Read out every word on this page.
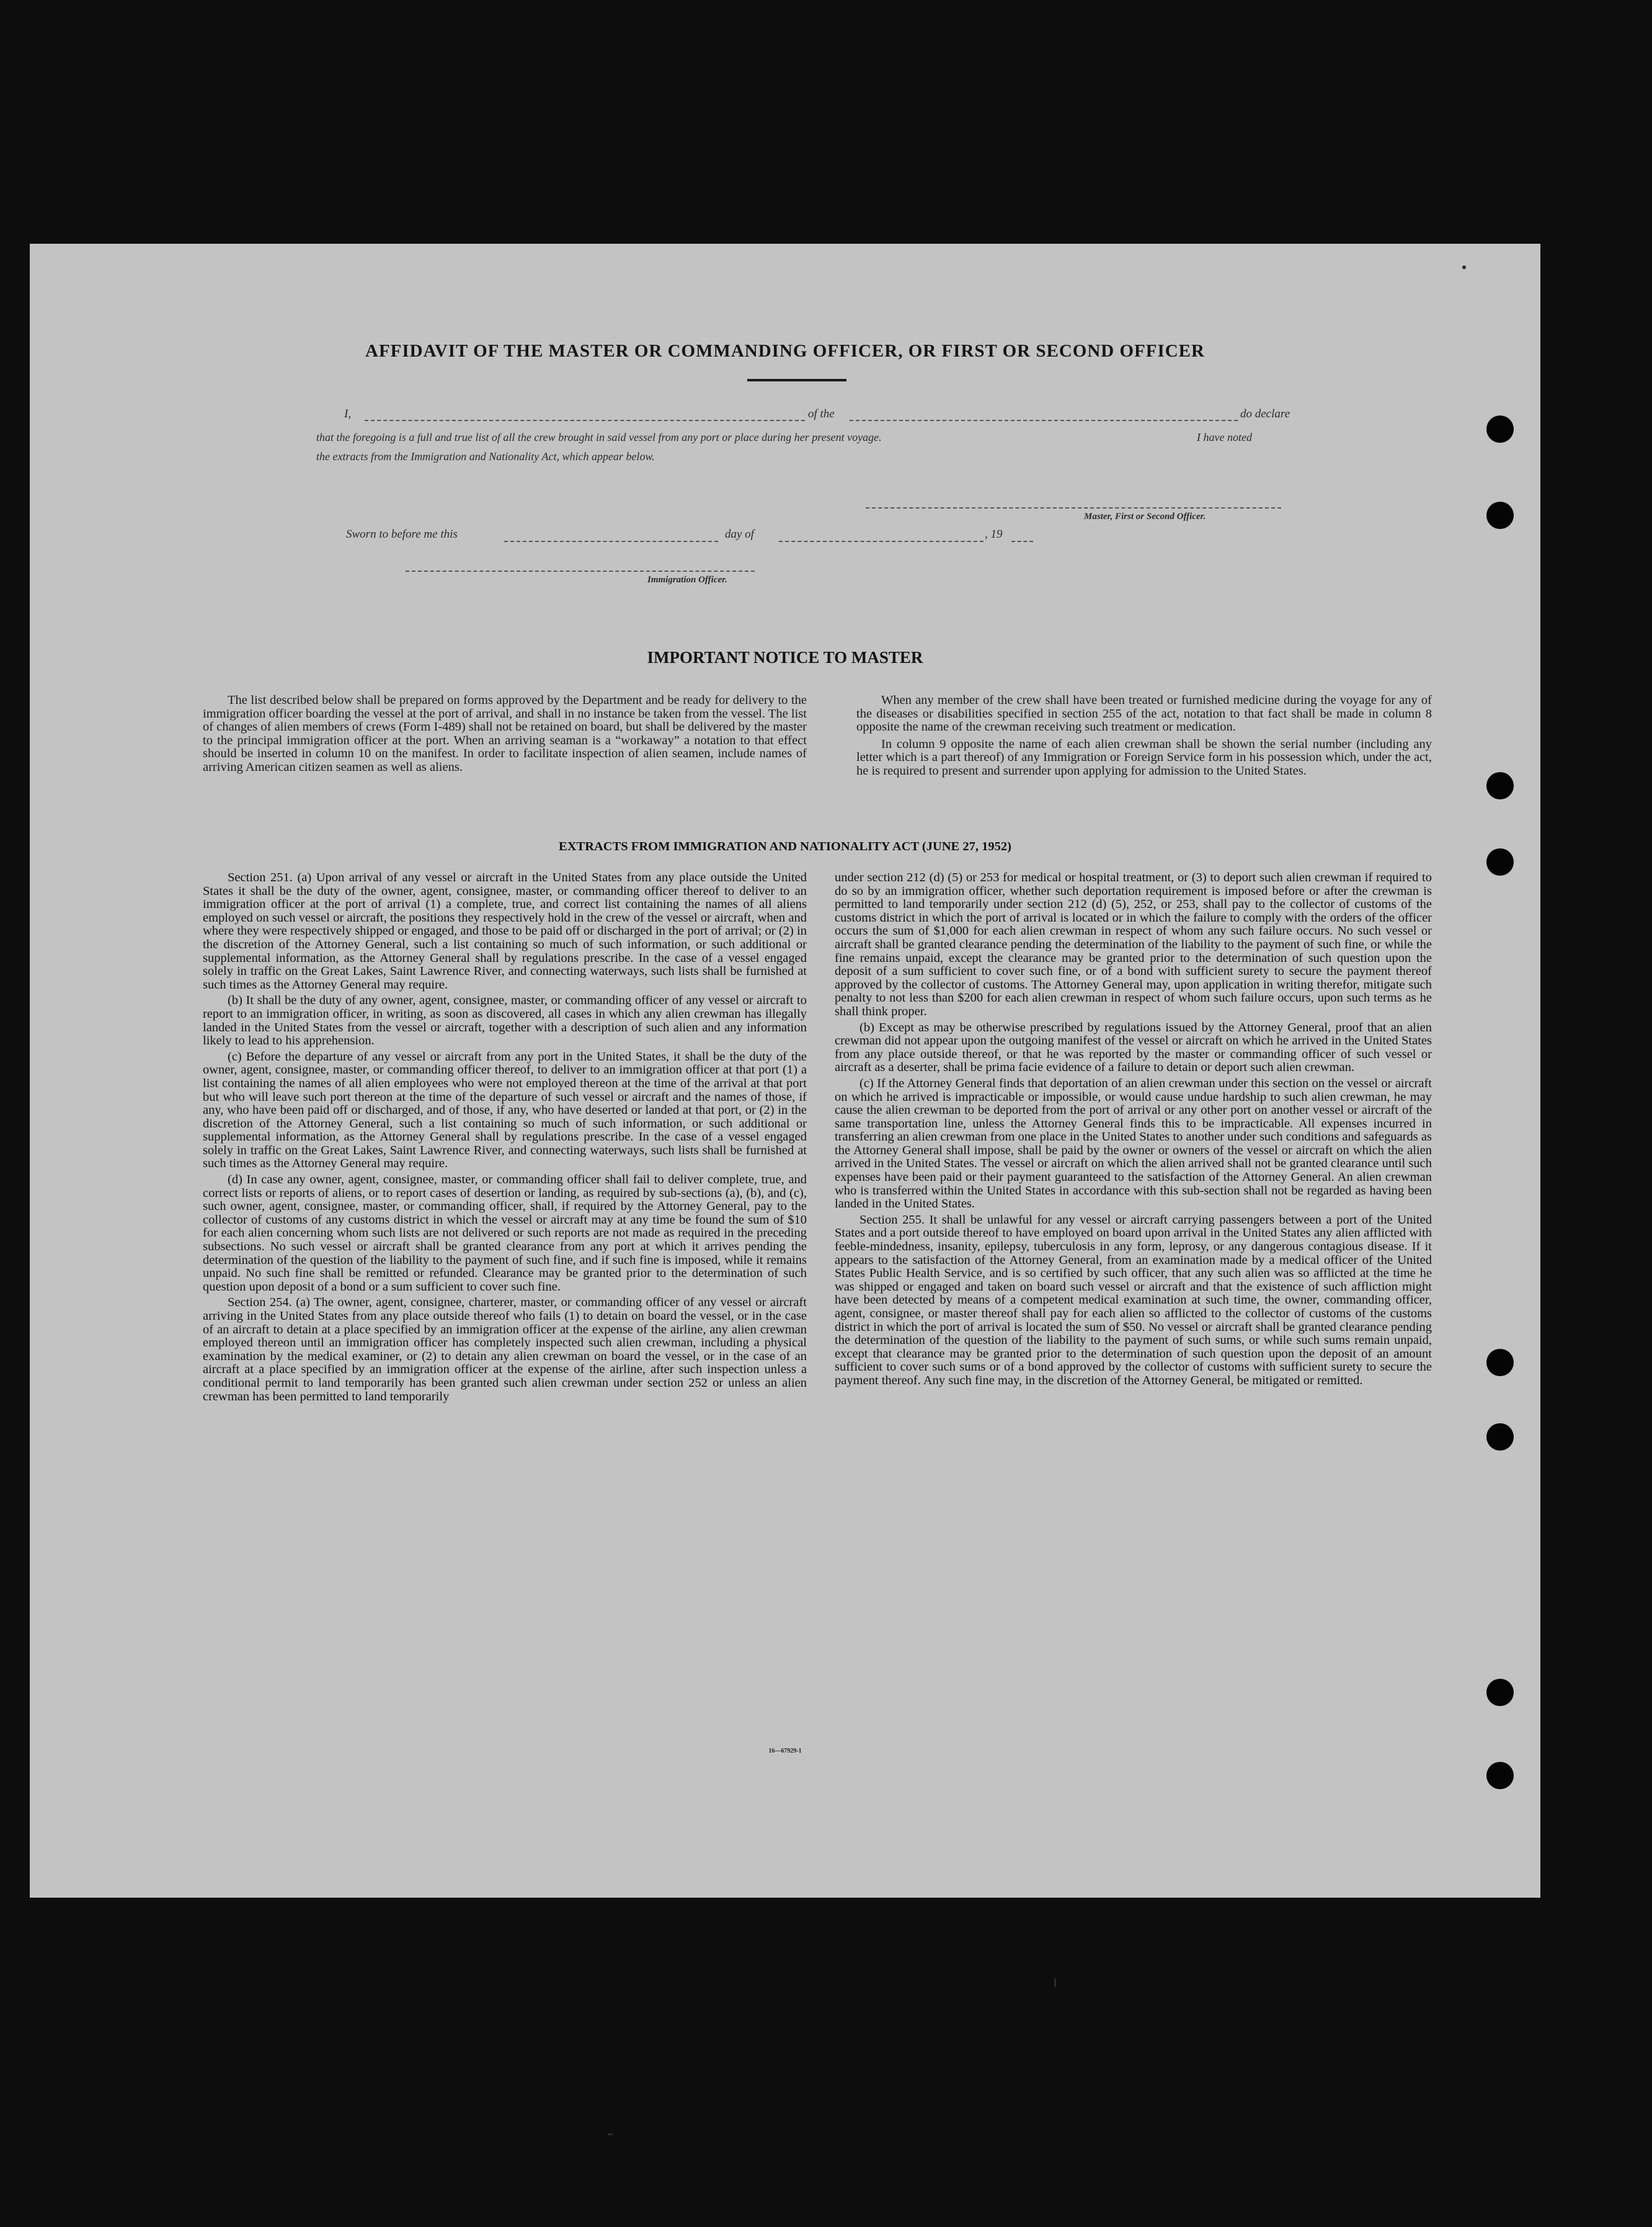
AFFIDAVIT OF THE MASTER OR COMMANDING OFFICER, OR FIRST OR SECOND OFFICER
I,	of the	do declare
that the foregoing is a full and true list of all the crew brought in said vessel from any port or place during her present voyage.	I have noted
the extracts from the Immigration and Nationality Act, which appear below.
Master, First or Second Officer.
Sworn to before me this	day of	, 19
Immigration Officer.
IMPORTANT NOTICE TO MASTER

The list described below shall be prepared on forms approved by the Department and be ready for delivery to the immigration officer boarding the vessel at the port of arrival, and shall in no instance be taken from the vessel. The list of changes of alien members of crews (Form I-489) shall not be retained on board, but shall be delivered by the master to the principal immigration officer at the port. When an arriving seaman is a “workaway” a notation to that effect should be inserted in column 10 on the manifest. In order to facilitate inspection of alien seamen, include names of arriving American citizen seamen as well as aliens.

When any member of the crew shall have been treated or furnished medicine during the voyage for any of the diseases or disabilities specified in section 255 of the act, notation to that fact shall be made in column 8 opposite the name of the crewman receiving such treatment or medication.

In column 9 opposite the name of each alien crewman shall be shown the serial number (including any letter which is a part thereof) of any Immigration or Foreign Service form in his possession which, under the act, he is required to present and surrender upon applying for admission to the United States.

EXTRACTS FROM IMMIGRATION AND NATIONALITY ACT (JUNE 27, 1952)

Section 251. (a) Upon arrival of any vessel or aircraft in the United States from any place outside the United States it shall be the duty of the owner, agent, consignee, master, or commanding officer thereof to deliver to an immigration officer at the port of arrival (1) a complete, true, and correct list containing the names of all aliens employed on such vessel or aircraft, the positions they respectively hold in the crew of the vessel or aircraft, when and where they were respectively shipped or engaged, and those to be paid off or discharged in the port of arrival; or (2) in the discretion of the Attorney General, such a list containing so much of such information, or such additional or supplemental information, as the Attorney General shall by regulations prescribe. In the case of a vessel engaged solely in traffic on the Great Lakes, Saint Lawrence River, and connecting waterways, such lists shall be furnished at such times as the Attorney General may require.

(b) It shall be the duty of any owner, agent, consignee, master, or commanding officer of any vessel or aircraft to report to an immigration officer, in writing, as soon as discovered, all cases in which any alien crewman has illegally landed in the United States from the vessel or aircraft, together with a description of such alien and any information likely to lead to his apprehension.

(c) Before the departure of any vessel or aircraft from any port in the United States, it shall be the duty of the owner, agent, consignee, master, or commanding officer thereof, to deliver to an immigration officer at that port (1) a list containing the names of all alien employees who were not employed thereon at the time of the arrival at that port but who will leave such port thereon at the time of the departure of such vessel or aircraft and the names of those, if any, who have been paid off or discharged, and of those, if any, who have deserted or landed at that port, or (2) in the discretion of the Attorney General, such a list containing so much of such information, or such additional or supplemental information, as the Attorney General shall by regulations prescribe. In the case of a vessel engaged solely in traffic on the Great Lakes, Saint Lawrence River, and connecting waterways, such lists shall be furnished at such times as the Attorney General may require.

(d) In case any owner, agent, consignee, master, or commanding officer shall fail to deliver complete, true, and correct lists or reports of aliens, or to report cases of desertion or landing, as required by sub-sections (a), (b), and (c), such owner, agent, consignee, master, or commanding officer, shall, if required by the Attorney General, pay to the collector of customs of any customs district in which the vessel or aircraft may at any time be found the sum of $10 for each alien concerning whom such lists are not delivered or such reports are not made as required in the preceding subsections. No such vessel or aircraft shall be granted clearance from any port at which it arrives pending the determination of the question of the liability to the payment of such fine, and if such fine is imposed, while it remains unpaid. No such fine shall be remitted or refunded. Clearance may be granted prior to the determination of such question upon deposit of a bond or a sum sufficient to cover such fine.

Section 254. (a) The owner, agent, consignee, charterer, master, or commanding officer of any vessel or aircraft arriving in the United States from any place outside thereof who fails (1) to detain on board the vessel, or in the case of an aircraft to detain at a place specified by an immigration officer at the expense of the airline, any alien crewman employed thereon until an immigration officer has completely inspected such alien crewman, including a physical examination by the medical examiner, or (2) to detain any alien crewman on board the vessel, or in the case of an aircraft at a place specified by an immigration officer at the expense of the airline, after such inspection unless a conditional permit to land temporarily has been granted such alien crewman under section 252 or unless an alien crewman has been permitted to land temporarily

under section 212 (d) (5) or 253 for medical or hospital treatment, or (3) to deport such alien crewman if required to do so by an immigration officer, whether such deportation requirement is imposed before or after the crewman is permitted to land temporarily under section 212 (d) (5), 252, or 253, shall pay to the collector of customs of the customs district in which the port of arrival is located or in which the failure to comply with the orders of the officer occurs the sum of $1,000 for each alien crewman in respect of whom any such failure occurs. No such vessel or aircraft shall be granted clearance pending the determination of the liability to the payment of such fine, or while the fine remains unpaid, except the clearance may be granted prior to the determination of such question upon the deposit of a sum sufficient to cover such fine, or of a bond with sufficient surety to secure the payment thereof approved by the collector of customs. The Attorney General may, upon application in writing therefor, mitigate such penalty to not less than $200 for each alien crewman in respect of whom such failure occurs, upon such terms as he shall think proper.

(b) Except as may be otherwise prescribed by regulations issued by the Attorney General, proof that an alien crewman did not appear upon the outgoing manifest of the vessel or aircraft on which he arrived in the United States from any place outside thereof, or that he was reported by the master or commanding officer of such vessel or aircraft as a deserter, shall be prima facie evidence of a failure to detain or deport such alien crewman.

(c) If the Attorney General finds that deportation of an alien crewman under this section on the vessel or aircraft on which he arrived is impracticable or impossible, or would cause undue hardship to such alien crewman, he may cause the alien crewman to be deported from the port of arrival or any other port on another vessel or aircraft of the same transportation line, unless the Attorney General finds this to be impracticable. All expenses incurred in transferring an alien crewman from one place in the United States to another under such conditions and safeguards as the Attorney General shall impose, shall be paid by the owner or owners of the vessel or aircraft on which the alien arrived in the United States. The vessel or aircraft on which the alien arrived shall not be granted clearance until such expenses have been paid or their payment guaranteed to the satisfaction of the Attorney General. An alien crewman who is transferred within the United States in accordance with this sub-section shall not be regarded as having been landed in the United States.

Section 255. It shall be unlawful for any vessel or aircraft carrying passengers between a port of the United States and a port outside thereof to have employed on board upon arrival in the United States any alien afflicted with feeble-mindedness, insanity, epilepsy, tuberculosis in any form, leprosy, or any dangerous contagious disease. If it appears to the satisfaction of the Attorney General, from an examination made by a medical officer of the United States Public Health Service, and is so certified by such officer, that any such alien was so afflicted at the time he was shipped or engaged and taken on board such vessel or aircraft and that the existence of such affliction might have been detected by means of a competent medical examination at such time, the owner, commanding officer, agent, consignee, or master thereof shall pay for each alien so afflicted to the collector of customs of the customs district in which the port of arrival is located the sum of $50. No vessel or aircraft shall be granted clearance pending the determination of the question of the liability to the payment of such sums, or while such sums remain unpaid, except that clearance may be granted prior to the determination of such question upon the deposit of an amount sufficient to cover such sums or of a bond approved by the collector of customs with sufficient surety to secure the payment thereof. Any such fine may, in the discretion of the Attorney General, be mitigated or remitted.

16—67929-1
